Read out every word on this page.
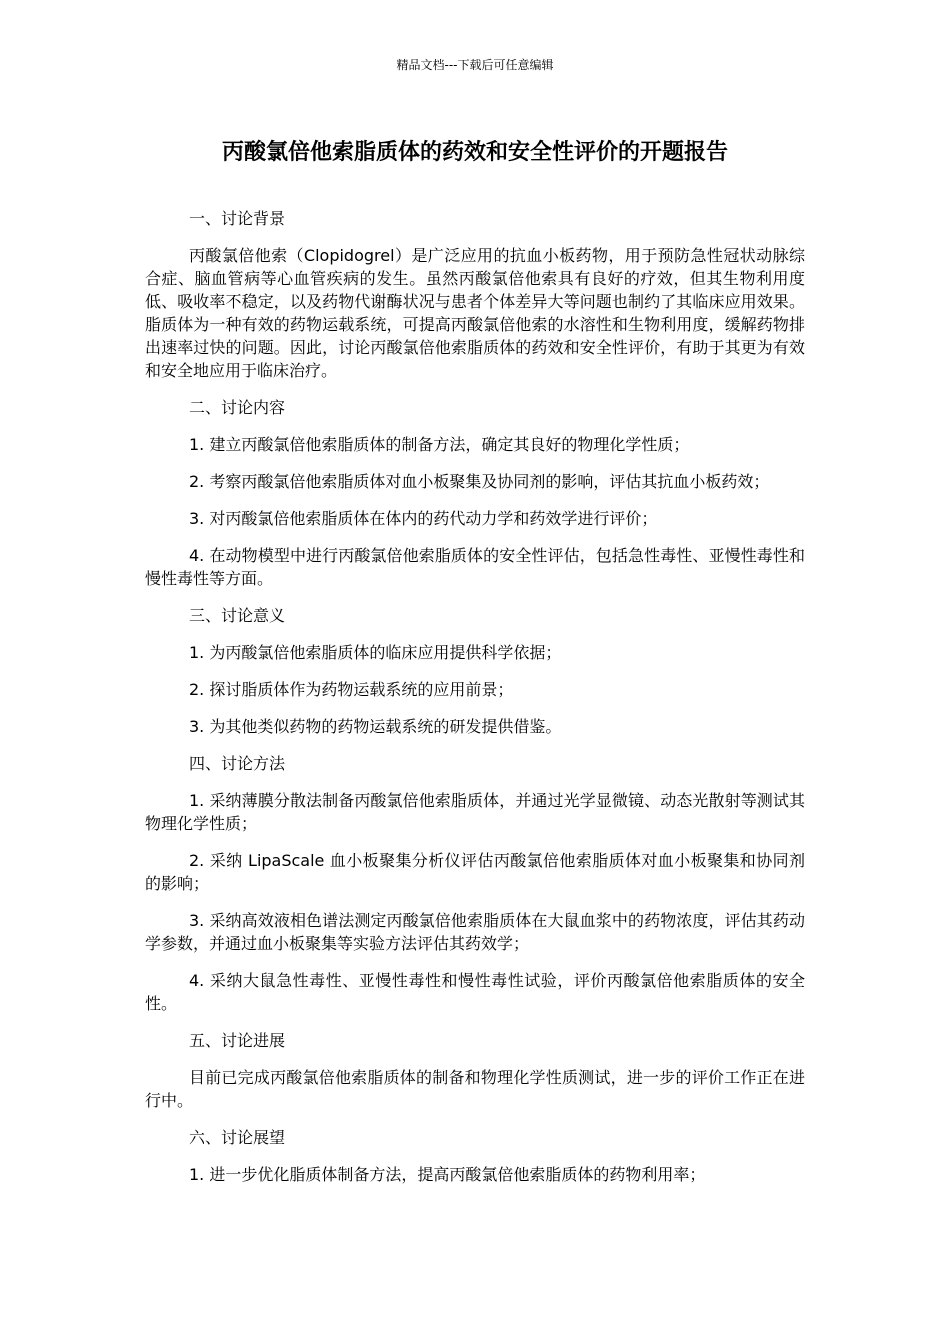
精品文档---下载后可任意编辑
丙酸氯倍他索脂质体的药效和安全性评价的开题报告

一、讨论背景

丙酸氯倍他索（Clopidogrel）是广泛应用的抗血小板药物，用于预防急性冠状动脉综合症、脑血管病等心血管疾病的发生。虽然丙酸氯倍他索具有良好的疗效，但其生物利用度低、吸收率不稳定，以及药物代谢酶状况与患者个体差异大等问题也制约了其临床应用效果。脂质体为一种有效的药物运载系统，可提高丙酸氯倍他索的水溶性和生物利用度，缓解药物排出速率过快的问题。因此，讨论丙酸氯倍他索脂质体的药效和安全性评价，有助于其更为有效和安全地应用于临床治疗。

二、讨论内容

1. 建立丙酸氯倍他索脂质体的制备方法，确定其良好的物理化学性质；

2. 考察丙酸氯倍他索脂质体对血小板聚集及协同剂的影响，评估其抗血小板药效；

3. 对丙酸氯倍他索脂质体在体内的药代动力学和药效学进行评价；

4. 在动物模型中进行丙酸氯倍他索脂质体的安全性评估，包括急性毒性、亚慢性毒性和慢性毒性等方面。

三、讨论意义

1. 为丙酸氯倍他索脂质体的临床应用提供科学依据；

2. 探讨脂质体作为药物运载系统的应用前景；

3. 为其他类似药物的药物运载系统的研发提供借鉴。

四、讨论方法

1. 采纳薄膜分散法制备丙酸氯倍他索脂质体，并通过光学显微镜、动态光散射等测试其物理化学性质；

2. 采纳 LipaScale 血小板聚集分析仪评估丙酸氯倍他索脂质体对血小板聚集和协同剂的影响；

3. 采纳高效液相色谱法测定丙酸氯倍他索脂质体在大鼠血浆中的药物浓度，评估其药动学参数，并通过血小板聚集等实验方法评估其药效学；

4. 采纳大鼠急性毒性、亚慢性毒性和慢性毒性试验，评价丙酸氯倍他索脂质体的安全性。

五、讨论进展

目前已完成丙酸氯倍他索脂质体的制备和物理化学性质测试，进一步的评价工作正在进行中。

六、讨论展望

1. 进一步优化脂质体制备方法，提高丙酸氯倍他索脂质体的药物利用率；
